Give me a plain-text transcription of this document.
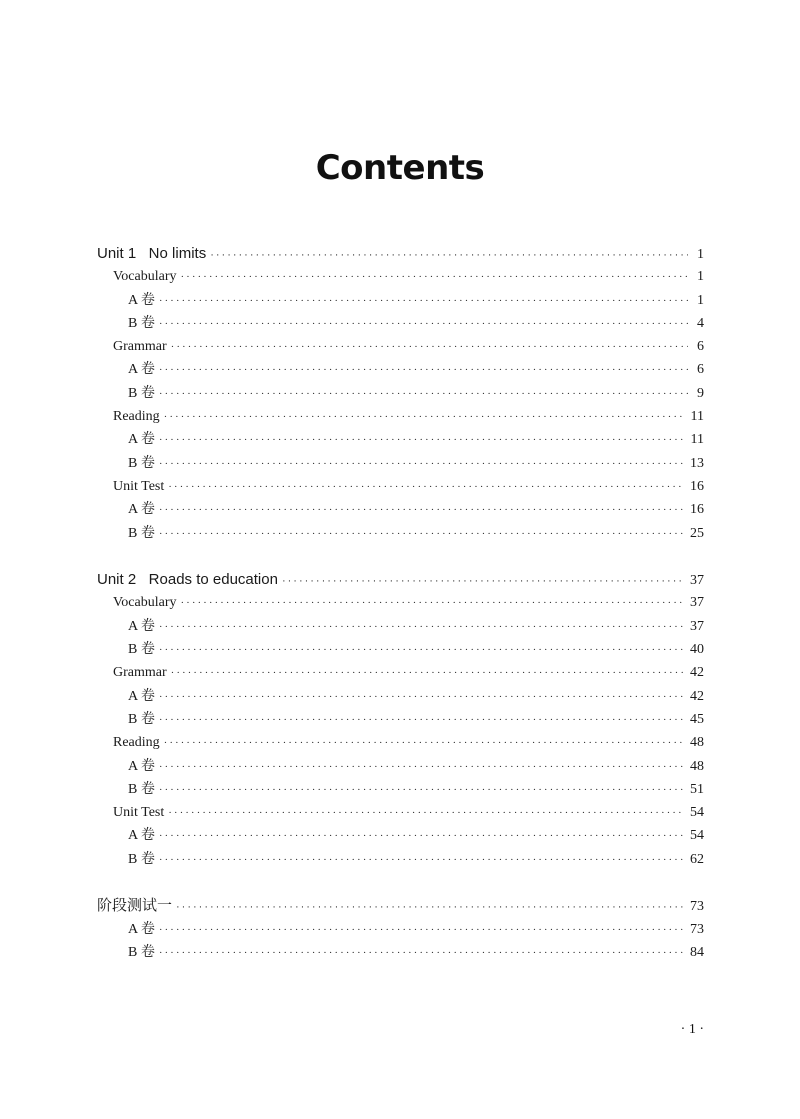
Contents
Unit 1   No limits ·····	1
Vocabulary ·····	1
A 卷 ·····	1
B 卷 ·····	4
Grammar ·····	6
A 卷 ·····	6
B 卷 ·····	9
Reading ·····	11
A 卷 ·····	11
B 卷 ·····	13
Unit Test ·····	16
A 卷 ·····	16
B 卷 ·····	25
Unit 2   Roads to education ·····	37
Vocabulary ·····	37
A 卷 ·····	37
B 卷 ·····	40
Grammar ·····	42
A 卷 ·····	42
B 卷 ·····	45
Reading ·····	48
A 卷 ·····	48
B 卷 ·····	51
Unit Test ·····	54
A 卷 ·····	54
B 卷 ·····	62
阶段测试一 ·····	73
A 卷 ·····	73
B 卷 ·····	84
· 1 ·
